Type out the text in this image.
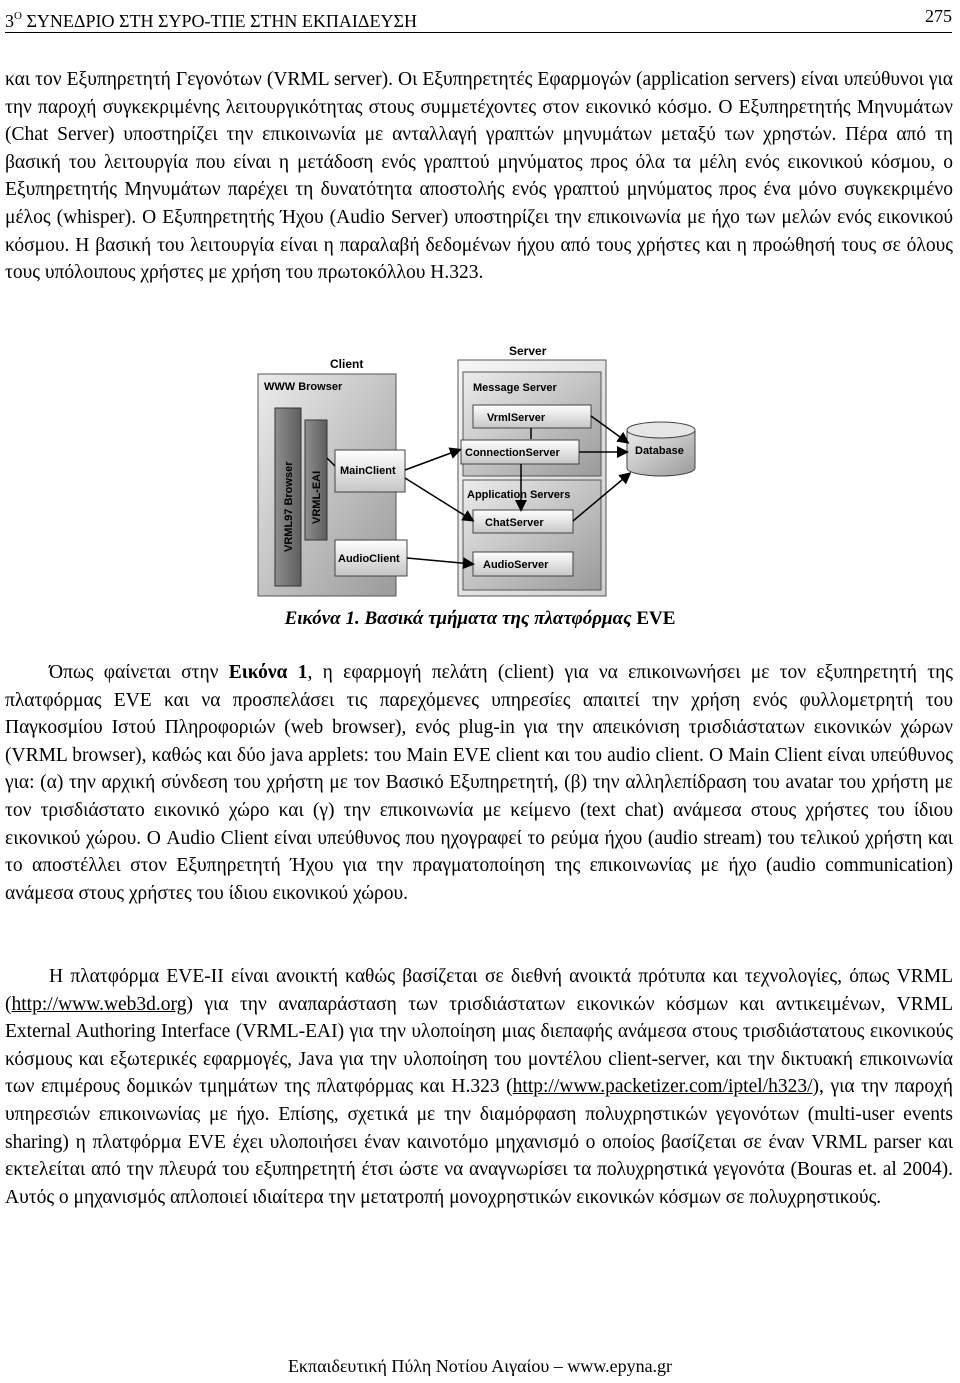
$3^O$ ΣΥΝΕΔΡΙΟ ΣΤΗ ΣΥΡΟ-ΤΠΕ ΣΤΗΝ ΕΚΠΑΙΔΕΥΣΗ	275

και τον Εξυπηρετητή Γεγονότων (VRML server). Οι Εξυπηρετητές Εφαρμογών (application servers) είναι υπεύθυνοι για την παροχή συγκεκριμένης λειτουργικότητας στους συμμετέχοντες στον εικονικό κόσμο. Ο Εξυπηρετητής Μηνυμάτων (Chat Server) υποστηρίζει την επικοινωνία με ανταλλαγή γραπτών μηνυμάτων μεταξύ των χρηστών. Πέρα από τη βασική του λειτουργία που είναι η μετάδοση ενός γραπτού μηνύματος προς όλα τα μέλη ενός εικονικού κόσμου, ο Εξυπηρετητής Μηνυμάτων παρέχει τη δυνατότητα αποστολής ενός γραπτού μηνύματος προς ένα μόνο συγκεκριμένο μέλος (whisper). Ο Εξυπηρετητής Ήχου (Audio Server) υποστηρίζει την επικοινωνία με ήχο των μελών ενός εικονικού κόσμου. Η βασική του λειτουργία είναι η παραλαβή δεδομένων ήχου από τους χρήστες και η προώθησή τους σε όλους τους υπόλοιπους χρήστες με χρήση του πρωτοκόλλου H.323.

Client
Server
WWW Browser
VRML97 Browser VRML-EAI MainClient
AudioClient
Message Server
VrmlServer
ConnectionServer
Application Servers
ChatServer
AudioServer
Database
Εικόνα 1. Βασικά τμήματα της πλατφόρμας EVE

Όπως φαίνεται στην Εικόνα 1, η εφαρμογή πελάτη (client) για να επικοινωνήσει με τον εξυπηρετητή της πλατφόρμας EVE και να προσπελάσει τις παρεχόμενες υπηρεσίες απαιτεί την χρήση ενός φυλλομετρητή του Παγκοσμίου Ιστού Πληροφοριών (web browser), ενός plug-in για την απεικόνιση τρισδιάστατων εικονικών χώρων (VRML browser), καθώς και δύο java applets: του Main EVE client και του audio client. Ο Main Client είναι υπεύθυνος για: (α) την αρχική σύνδεση του χρήστη με τον Βασικό Εξυπηρετητή, (β) την αλληλεπίδραση του avatar του χρήστη με τον τρισδιάστατο εικονικό χώρο και (γ) την επικοινωνία με κείμενο (text chat) ανάμεσα στους χρήστες του ίδιου εικονικού χώρου. Ο Audio Client είναι υπεύθυνος που ηχογραφεί το ρεύμα ήχου (audio stream) του τελικού χρήστη και το αποστέλλει στον Εξυπηρετητή Ήχου για την πραγματοποίηση της επικοινωνίας με ήχο (audio communication) ανάμεσα στους χρήστες του ίδιου εικονικού χώρου.

Η πλατφόρμα EVE-II είναι ανοικτή καθώς βασίζεται σε διεθνή ανοικτά πρότυπα και τεχνολογίες, όπως VRML (http://www.web3d.org) για την αναπαράσταση των τρισδιάστατων εικονικών κόσμων και αντικειμένων, VRML External Authoring Interface (VRML-EAI) για την υλοποίηση μιας διεπαφής ανάμεσα στους τρισδιάστατους εικονικούς κόσμους και εξωτερικές εφαρμογές, Java για την υλοποίηση του μοντέλου client-server, και την δικτυακή επικοινωνία των επιμέρους δομικών τμημάτων της πλατφόρμας και H.323 (http://www.packetizer.com/iptel/h323/), για την παροχή υπηρεσιών επικοινωνίας με ήχο. Επίσης, σχετικά με την διαμόρφαση πολυχρηστικών γεγονότων (multi-user events sharing) η πλατφόρμα EVE έχει υλοποιήσει έναν καινοτόμο μηχανισμό ο οποίος βασίζεται σε έναν VRML parser και εκτελείται από την πλευρά του εξυπηρετητή έτσι ώστε να αναγνωρίσει τα πολυχρηστικά γεγονότα (Bouras et. al 2004). Αυτός ο μηχανισμός απλοποιεί ιδιαίτερα την μετατροπή μονοχρηστικών εικονικών κόσμων σε πολυχρηστικούς.

Εκπαιδευτική Πύλη Νοτίου Αιγαίου – www.epyna.gr
